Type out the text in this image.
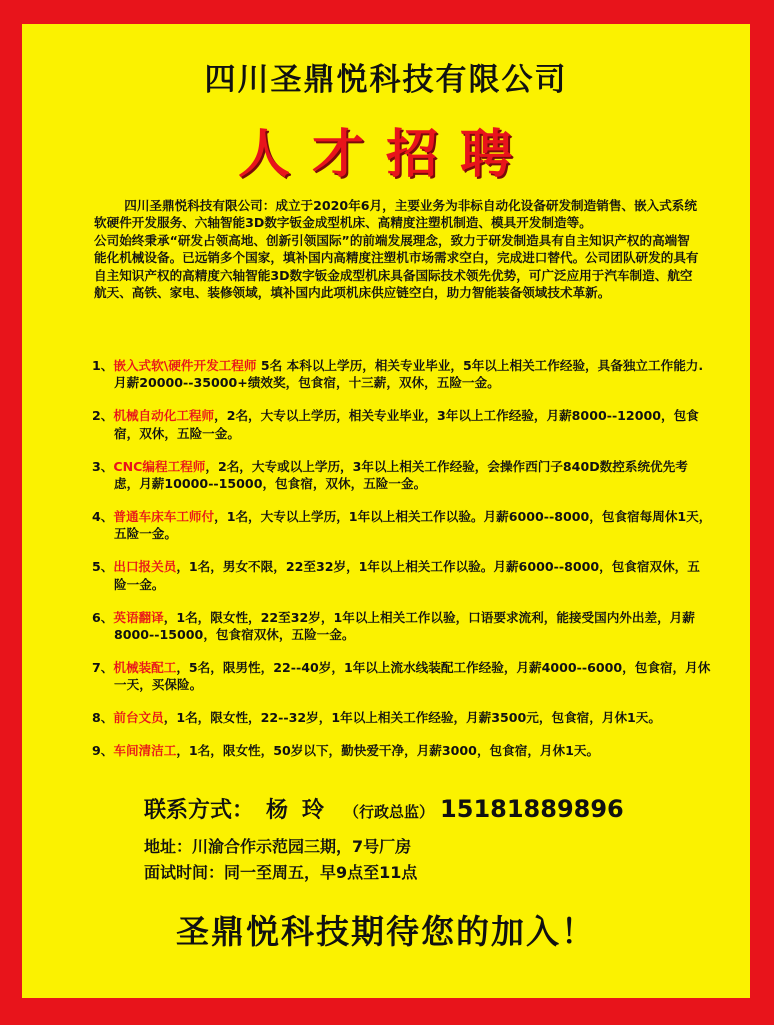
四川圣鼎悦科技有限公司
人才招聘

四川圣鼎悦科技有限公司：成立于2020年6月，主要业务为非标自动化设备研发制造销售、嵌入式系统软硬件开发服务、六轴智能3D数字钣金成型机床、高精度注塑机制造、模具开发制造等。

公司始终秉承“研发占领高地、创新引领国际”的前端发展理念，致力于研发制造具有自主知识产权的高端智能化机械设备。已远销多个国家，填补国内高精度注塑机市场需求空白，完成进口替代。公司团队研发的具有自主知识产权的高精度六轴智能3D数字钣金成型机床具备国际技术领先优势，可广泛应用于汽车制造、航空航天、高铁、家电、装修领域，填补国内此项机床供应链空白，助力智能装备领域技术革新。

1、嵌入式软\硬件开发工程师 5名 本科以上学历，相关专业毕业，5年以上相关工作经验，具备独立工作能力.月薪20000--35000+绩效奖，包食宿，十三薪，双休，五险一金。
2、机械自动化工程师，2名，大专以上学历，相关专业毕业，3年以上工作经验，月薪8000--12000，包食宿，双休，五险一金。
3、CNC编程工程师，2名，大专或以上学历，3年以上相关工作经验，会操作西门子840D数控系统优先考虑，月薪10000--15000，包食宿，双休，五险一金。
4、普通车床车工师付，1名，大专以上学历，1年以上相关工作以验。月薪6000--8000，包食宿每周休1天，五险一金。
5、出口报关员，1名，男女不限，22至32岁，1年以上相关工作以验。月薪6000--8000，包食宿双休，五险一金。
6、英语翻译，1名，限女性，22至32岁，1年以上相关工作以验，口语要求流利，能接受国内外出差，月薪8000--15000，包食宿双休，五险一金。
7、机械装配工，5名，限男性，22--40岁，1年以上流水线装配工作经验，月薪4000--6000，包食宿，月休一天，买保险。
8、前台文员，1名，限女性，22--32岁，1年以上相关工作经验，月薪3500元，包食宿，月休1天。
9、车间清洁工，1名，限女性，50岁以下，勤快爱干净，月薪3000，包食宿，月休1天。
联系方式： 杨玲 （行政总监） 15181889896
地址：川渝合作示范园三期，7号厂房
面试时间：同一至周五，早9点至11点
圣鼎悦科技期待您的加入！
